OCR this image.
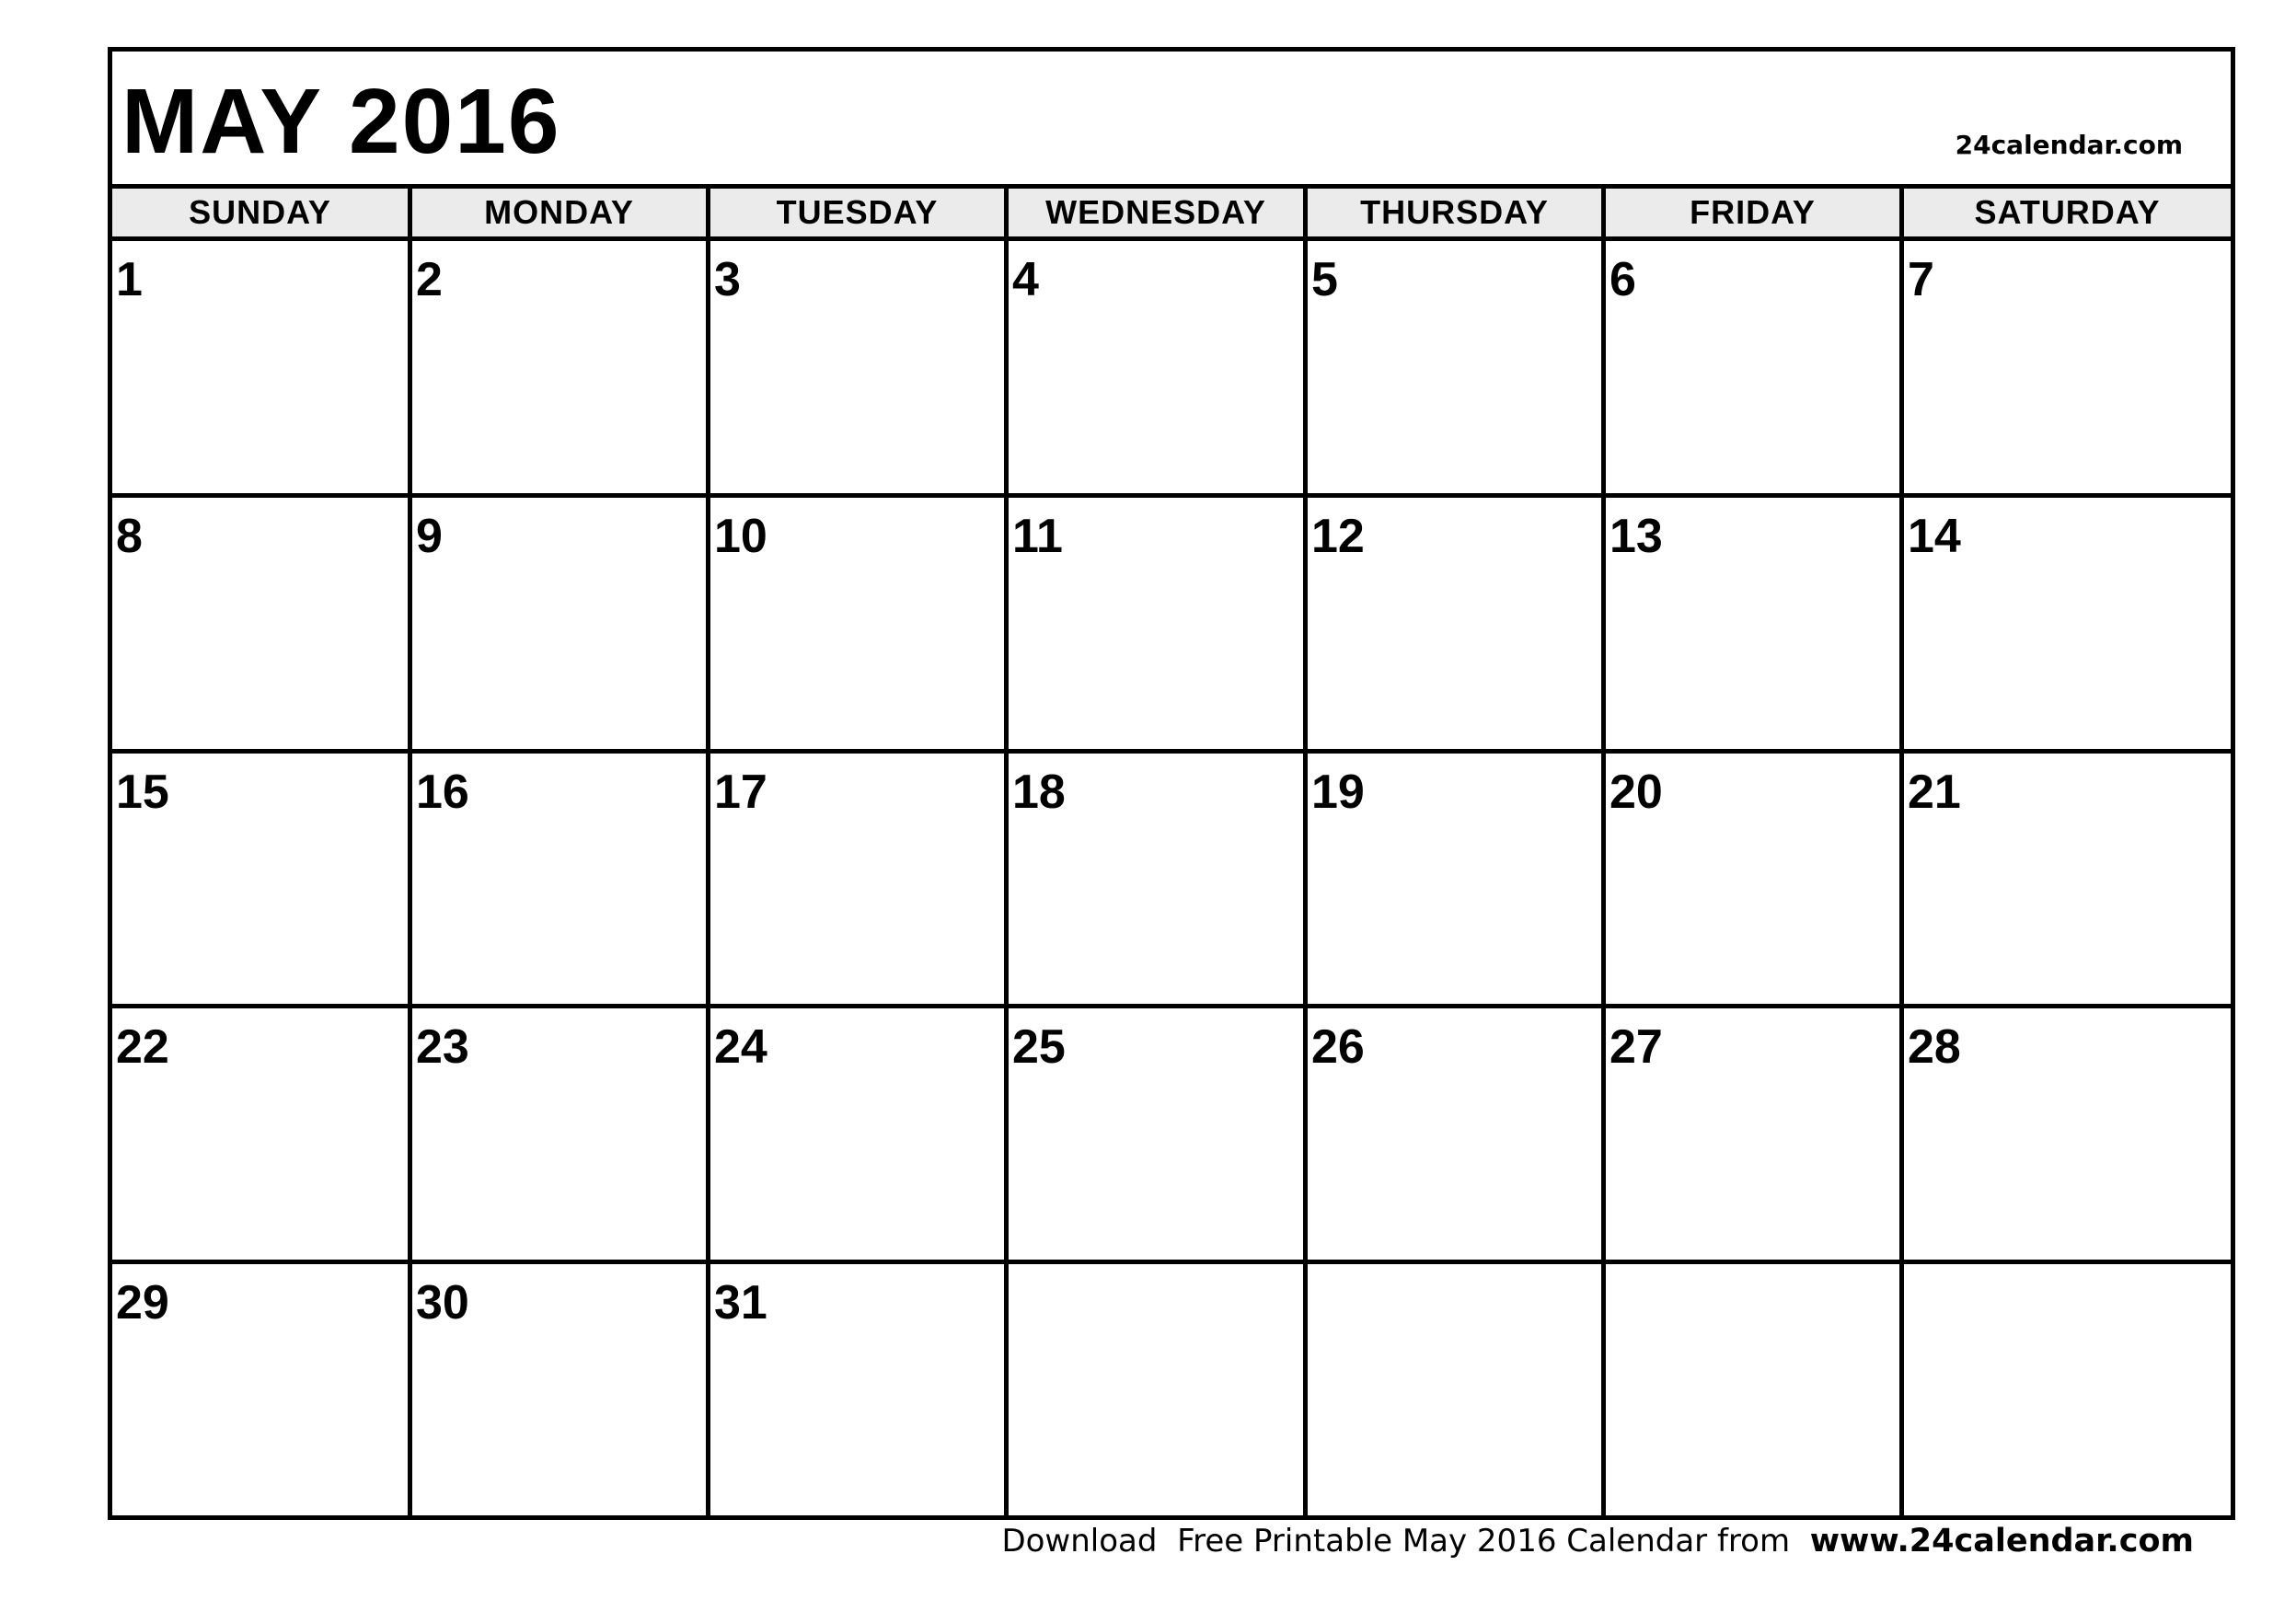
MAY 2016	24calendar.com
SUNDAY	MONDAY	TUESDAY	WEDNESDAY	THURSDAY	FRIDAY	SATURDAY
1	2	3	4	5	6	7
8	9	10	11	12	13	14
15	16	17	18	19	20	21
22	23	24	25	26	27	28
29	30	31
Download  Free Printable May 2016 Calendar from www.24calendar.com
